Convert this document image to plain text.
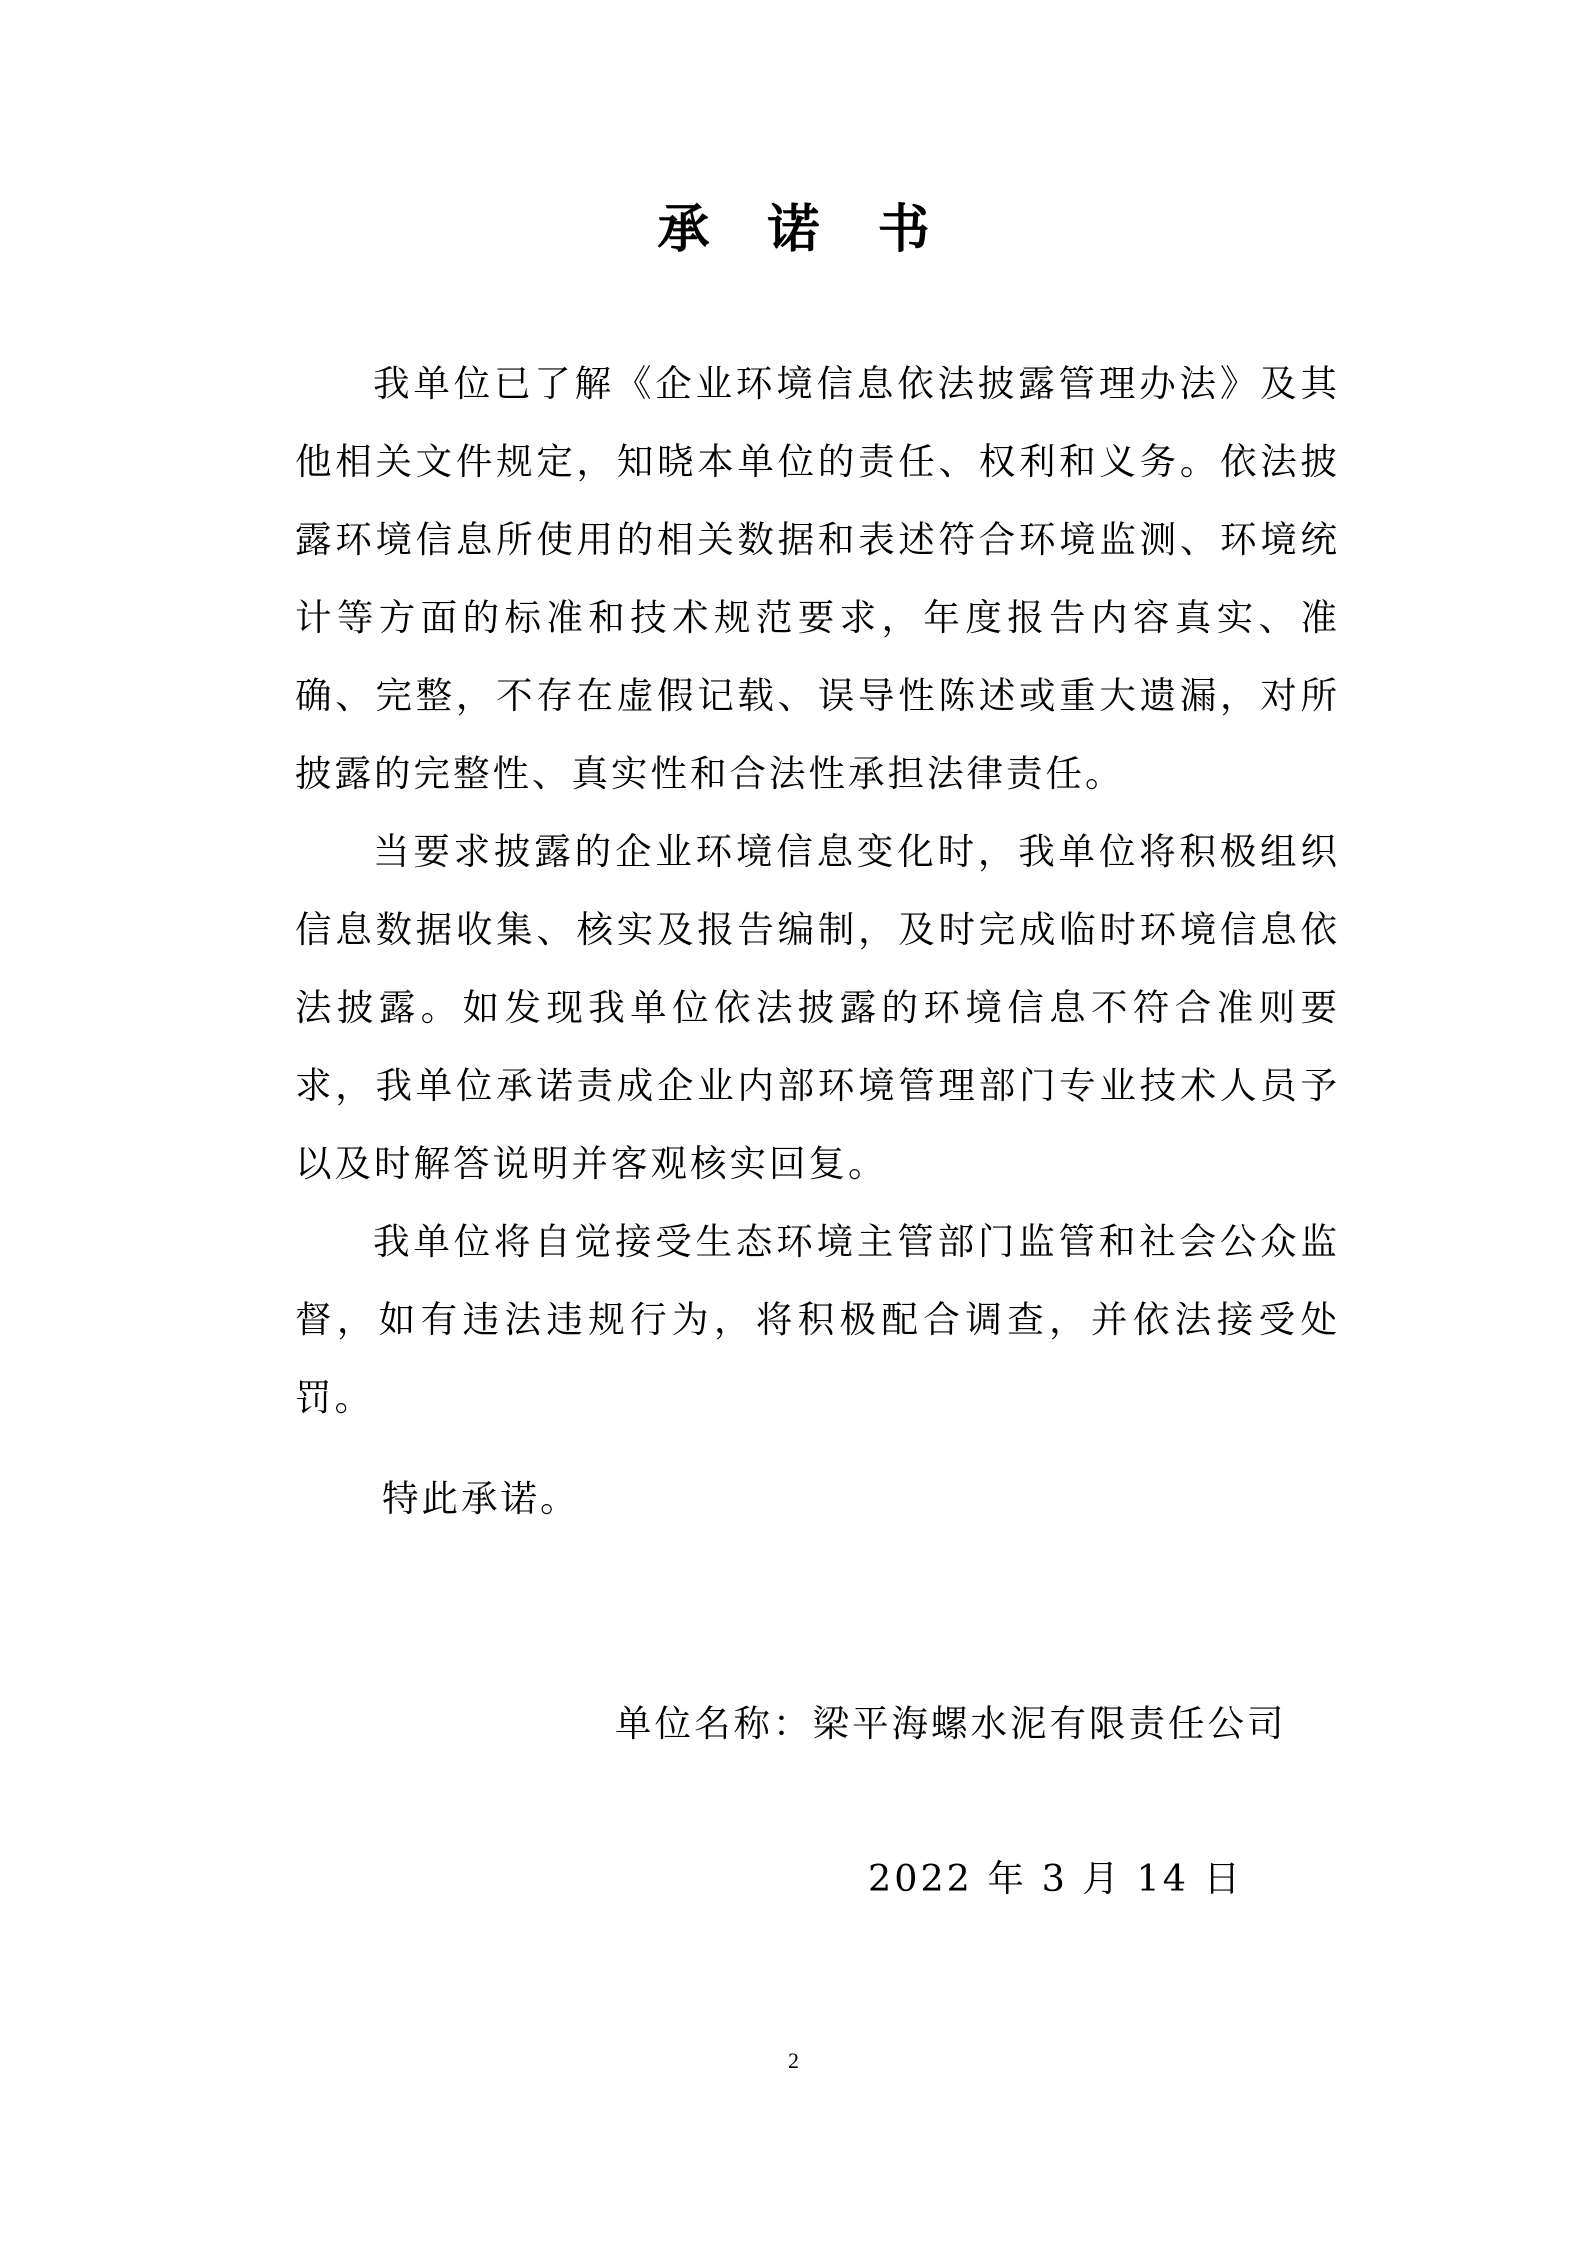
承 诺 书

我单位已了解《企业环境信息依法披露管理办法》及其他相关文件规定，知晓本单位的责任、权利和义务。依法披露环境信息所使用的相关数据和表述符合环境监测、环境统计等方面的标准和技术规范要求，年度报告内容真实、准确、完整，不存在虚假记载、误导性陈述或重大遗漏，对所披露的完整性、真实性和合法性承担法律责任。

当要求披露的企业环境信息变化时，我单位将积极组织信息数据收集、核实及报告编制，及时完成临时环境信息依法披露。如发现我单位依法披露的环境信息不符合准则要求，我单位承诺责成企业内部环境管理部门专业技术人员予以及时解答说明并客观核实回复。

我单位将自觉接受生态环境主管部门监管和社会公众监督，如有违法违规行为，将积极配合调查，并依法接受处罚。

特此承诺。
单位名称：梁平海螺水泥有限责任公司
2022 年 3 月 14 日
2
